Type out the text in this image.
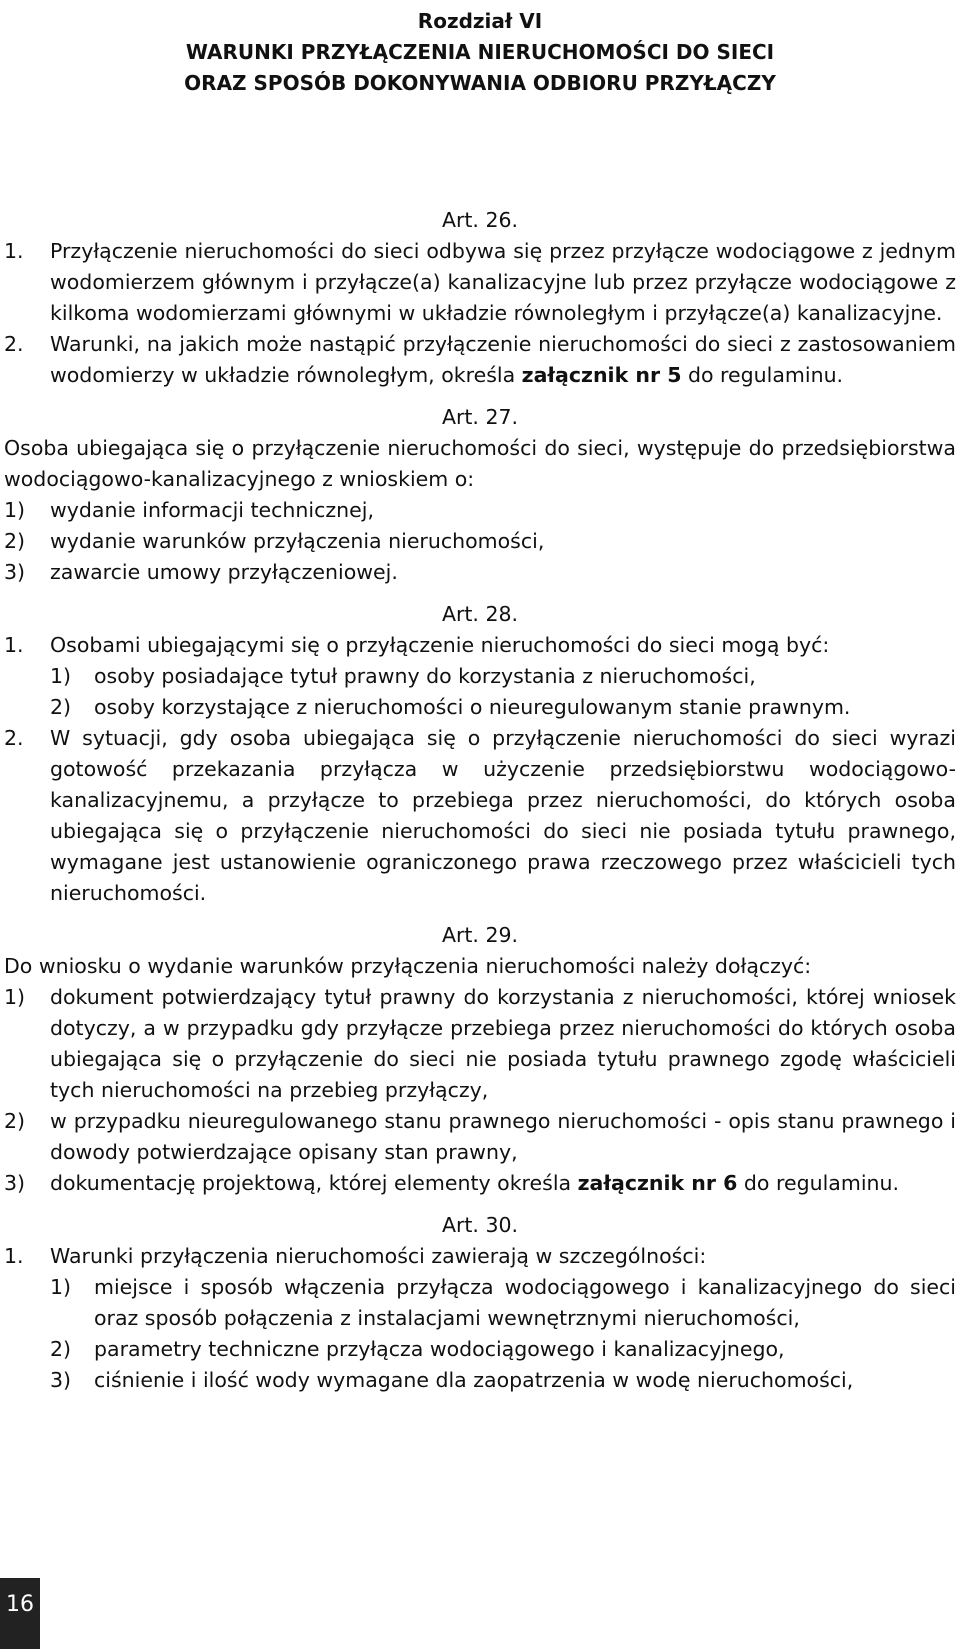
Rozdział VI
WARUNKI PRZYŁĄCZENIA NIERUCHOMOŚCI DO SIECI
ORAZ SPOSÓB DOKONYWANIA ODBIORU PRZYŁĄCZY
Art. 26.
1. Przyłączenie nieruchomości do sieci odbywa się przez przyłącze wodociągowe z jednym wodomierzem głównym i przyłącze(a) kanalizacyjne lub przez przyłącze wodociągowe z kilkoma wodomierzami głównymi w układzie równoległym i przyłącze(a) kanalizacyjne.
2. Warunki, na jakich może nastąpić przyłączenie nieruchomości do sieci z zastosowaniem wodomierzy w układzie równoległym, określa załącznik nr 5 do regulaminu.
Art. 27.
Osoba ubiegająca się o przyłączenie nieruchomości do sieci, występuje do przedsiębiorstwa wodociągowo-kanalizacyjnego z wnioskiem o:
1) wydanie informacji technicznej,
2) wydanie warunków przyłączenia nieruchomości,
3) zawarcie umowy przyłączeniowej.
Art. 28.
1. Osobami ubiegającymi się o przyłączenie nieruchomości do sieci mogą być:
1) osoby posiadające tytuł prawny do korzystania z nieruchomości,
2) osoby korzystające z nieruchomości o nieuregulowanym stanie prawnym.
2. W sytuacji, gdy osoba ubiegająca się o przyłączenie nieruchomości do sieci wyrazi gotowość przekazania przyłącza w użyczenie przedsiębiorstwu wodociągowo-kanalizacyjnemu, a przyłącze to przebiega przez nieruchomości, do których osoba ubiegająca się o przyłączenie nieruchomości do sieci nie posiada tytułu prawnego, wymagane jest ustanowienie ograniczonego prawa rzeczowego przez właścicieli tych nieruchomości.
Art. 29.
Do wniosku o wydanie warunków przyłączenia nieruchomości należy dołączyć:
1) dokument potwierdzający tytuł prawny do korzystania z nieruchomości, której wniosek dotyczy, a w przypadku gdy przyłącze przebiega przez nieruchomości do których osoba ubiegająca się o przyłączenie do sieci nie posiada tytułu prawnego zgodę właścicieli tych nieruchomości na przebieg przyłączy,
2) w przypadku nieuregulowanego stanu prawnego nieruchomości - opis stanu prawnego i dowody potwierdzające opisany stan prawny,
3) dokumentację projektową, której elementy określa załącznik nr 6 do regulaminu.
Art. 30.
1. Warunki przyłączenia nieruchomości zawierają w szczególności:
1) miejsce i sposób włączenia przyłącza wodociągowego i kanalizacyjnego do sieci oraz sposób połączenia z instalacjami wewnętrznymi nieruchomości,
2) parametry techniczne przyłącza wodociągowego i kanalizacyjnego,
3) ciśnienie i ilość wody wymagane dla zaopatrzenia w wodę nieruchomości,
16
